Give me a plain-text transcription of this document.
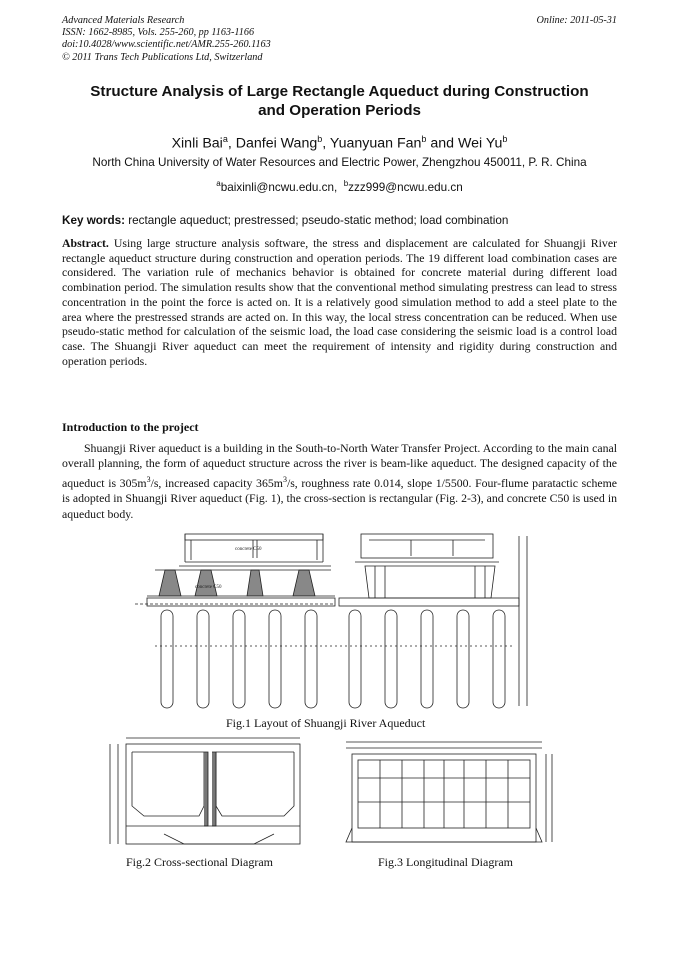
Advanced Materials Research
ISSN: 1662-8985, Vols. 255-260, pp 1163-1166
doi:10.4028/www.scientific.net/AMR.255-260.1163
© 2011 Trans Tech Publications Ltd, Switzerland
Online: 2011-05-31
Structure Analysis of Large Rectangle Aqueduct during Construction
and Operation Periods
Xinli Bai$^a$, Danfei Wang$^b$, Yuanyuan Fan$^b$ and Wei Yu$^b$
North China University of Water Resources and Electric Power, Zhengzhou 450011, P. R. China
$^a$baixinli@ncwu.edu.cn,  $^b$zzz999@ncwu.edu.cn
Key words: rectangle aqueduct; prestressed; pseudo-static method; load combination
Abstract. Using large structure analysis software, the stress and displacement are calculated for Shuangji River rectangle aqueduct structure during construction and operation periods. The 19 different load combination cases are considered. The variation rule of mechanics behavior is obtained for concrete material during different load combination period. The simulation results show that the conventional method simulating prestress can lead to stress concentration in the point the force is acted on. It is a relatively good simulation method to add a steel plate to the area where the prestressed strands are acted on. In this way, the local stress concentration can be reduced. When use pseudo-static method for calculation of the seismic load, the load case considering the seismic load is a control load case. The Shuangji River aqueduct can meet the requirement of intensity and rigidity during construction and operation periods.
Introduction to the project
Shuangji River aqueduct is a building in the South-to-North Water Transfer Project. According to the main canal overall planning, the form of aqueduct structure across the river is beam-like aqueduct. The designed capacity of the aqueduct is $305m^3/s$, increased capacity $365m^3/s$, roughness rate 0.014, slope 1/5500. Four-flume paratactic scheme is adopted in Shuangji River aqueduct (Fig. 1), the cross-section is rectangular (Fig. 2-3), and concrete C50 is used in aqueduct body.
concrete C50
concrete C50
Fig.1 Layout of Shuangji River Aqueduct
Fig.2 Cross-sectional Diagram	Fig.3 Longitudinal Diagram
